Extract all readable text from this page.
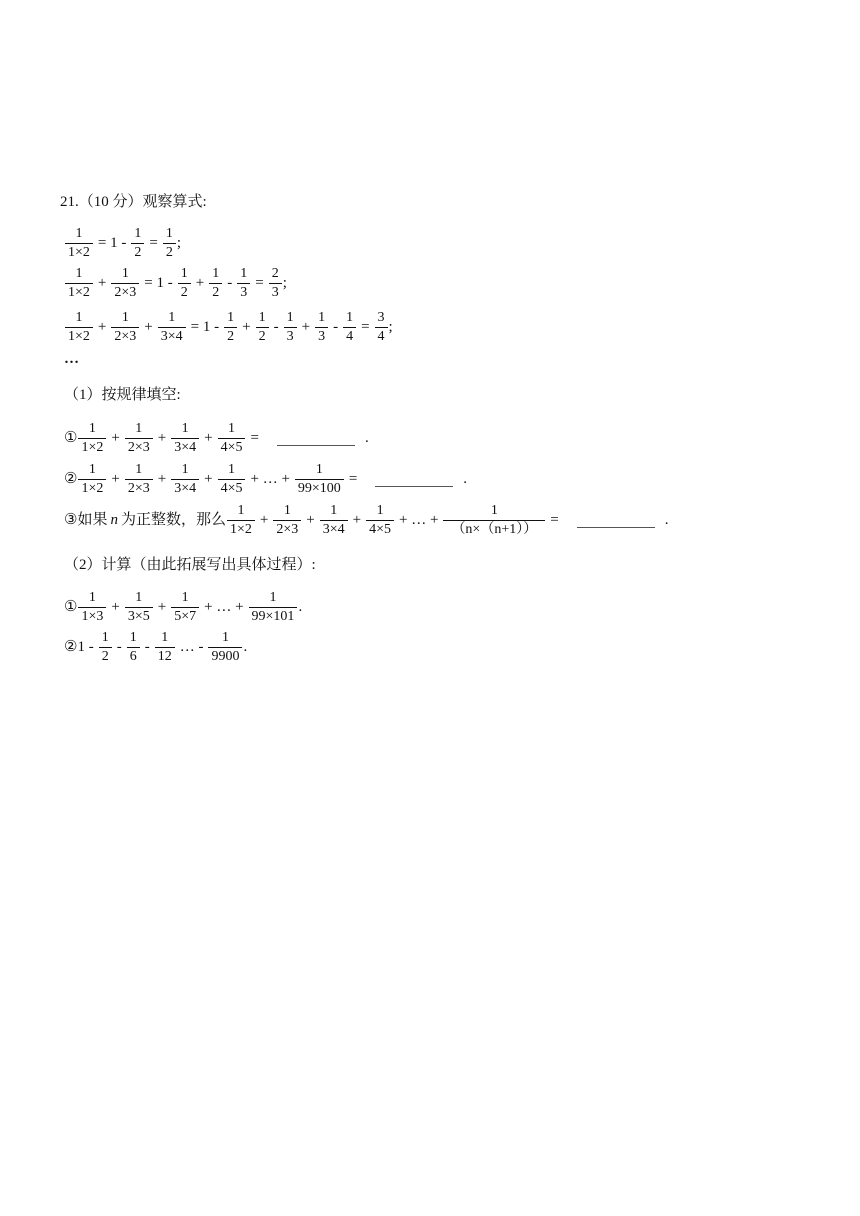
21.（10 分）观察算式:
$\frac{1}{1\times 2} = 1 - \frac{1}{2} = \frac{1}{2}$ ;
$\frac{1}{1\times 2} + \frac{1}{2\times 3} = 1 - \frac{1}{2} + \frac{1}{2} - \frac{1}{3} = \frac{2}{3}$ ;
$\frac{1}{1\times 2} + \frac{1}{2\times 3} + \frac{1}{3\times 4} = 1 - \frac{1}{2} + \frac{1}{2} - \frac{1}{3} + \frac{1}{3} - \frac{1}{4} = \frac{3}{4}$ ;
…
（1）按规律填空:
① $\frac{1}{1\times 2} + \frac{1}{2\times 3} + \frac{1}{3\times 4} + \frac{1}{4\times 5}$ =	.
② $\frac{1}{1\times 2} + \frac{1}{2\times 3} + \frac{1}{3\times 4} + \frac{1}{4\times 5}$ + … + $\frac{1}{99\times 100}$ =	.
③ 如果 n 为正整数，那么 $\frac{1}{1\times 2} + \frac{1}{2\times 3} + \frac{1}{3\times 4} + \frac{1}{4\times 5}$ + … + $\frac{1}{(n\times(n+1))}$ =	.
（2）计算（由此拓展写出具体过程）:
① $\frac{1}{1\times 3} + \frac{1}{3\times 5} + \frac{1}{5\times 7}$ + … + $\frac{1}{99\times 101}$ .
② $1 - \frac{1}{2} - \frac{1}{6} - \frac{1}{12}$ … - $\frac{1}{9900}$ .
